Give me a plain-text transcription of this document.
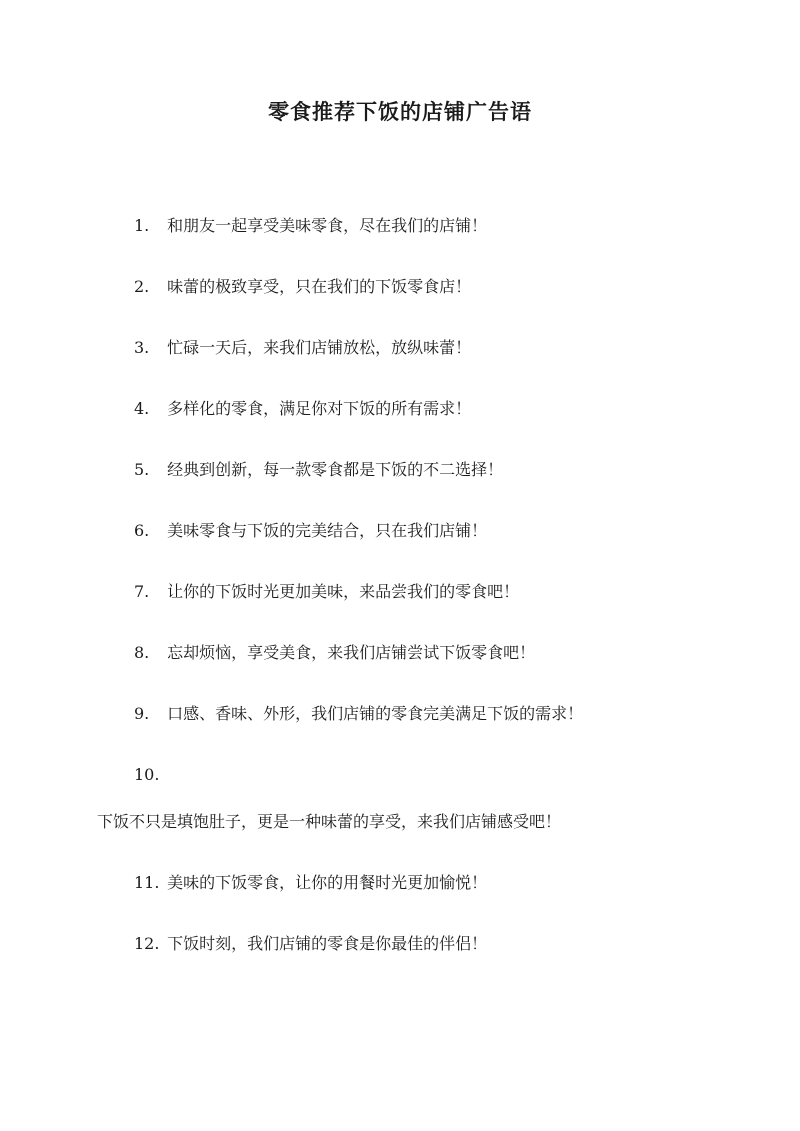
零食推荐下饭的店铺广告语
1. 和朋友一起享受美味零食，尽在我们的店铺！
2. 味蕾的极致享受，只在我们的下饭零食店！
3. 忙碌一天后，来我们店铺放松，放纵味蕾！
4. 多样化的零食，满足你对下饭的所有需求！
5. 经典到创新，每一款零食都是下饭的不二选择！
6. 美味零食与下饭的完美结合，只在我们店铺！
7. 让你的下饭时光更加美味，来品尝我们的零食吧！
8. 忘却烦恼，享受美食，来我们店铺尝试下饭零食吧！
9. 口感、香味、外形，我们店铺的零食完美满足下饭的需求！
10.
下饭不只是填饱肚子，更是一种味蕾的享受，来我们店铺感受吧！
11. 美味的下饭零食，让你的用餐时光更加愉悦！
12. 下饭时刻，我们店铺的零食是你最佳的伴侣！
